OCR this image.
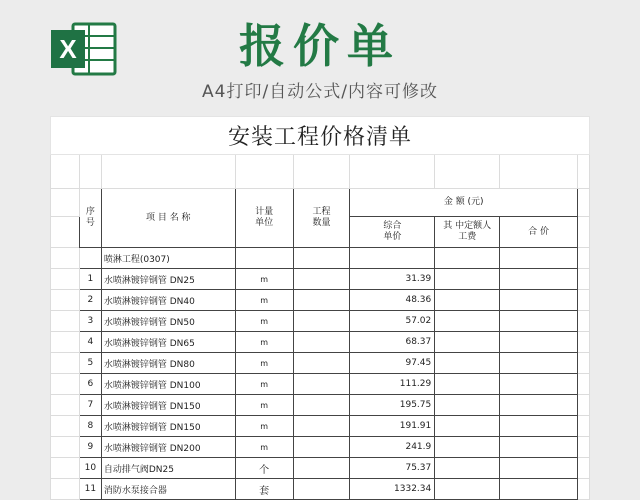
X	报价单
A4打印/自动公式/内容可修改
安装工程价格清单								

	序号	项 目 名 称	计量单位	工程数量	金 额 (元)			
					综合单价	其 中定额人工费	合 价	
		喷淋工程(0307)						
	1	水喷淋镀锌钢管 DN25	m		31.39			
	2	水喷淋镀锌钢管 DN40	m		48.36			
	3	水喷淋镀锌钢管 DN50	m		57.02			
	4	水喷淋镀锌钢管 DN65	m		68.37			
	5	水喷淋镀锌钢管 DN80	m		97.45			
	6	水喷淋镀锌钢管 DN100	m		111.29			
	7	水喷淋镀锌钢管 DN150	m		195.75			
	8	水喷淋镀锌钢管 DN150	m		191.91			
	9	水喷淋镀锌钢管 DN200	m		241.9			
	10	自动排气阀DN25	个		75.37			
	11	消防水泵接合器	套		1332.34			
